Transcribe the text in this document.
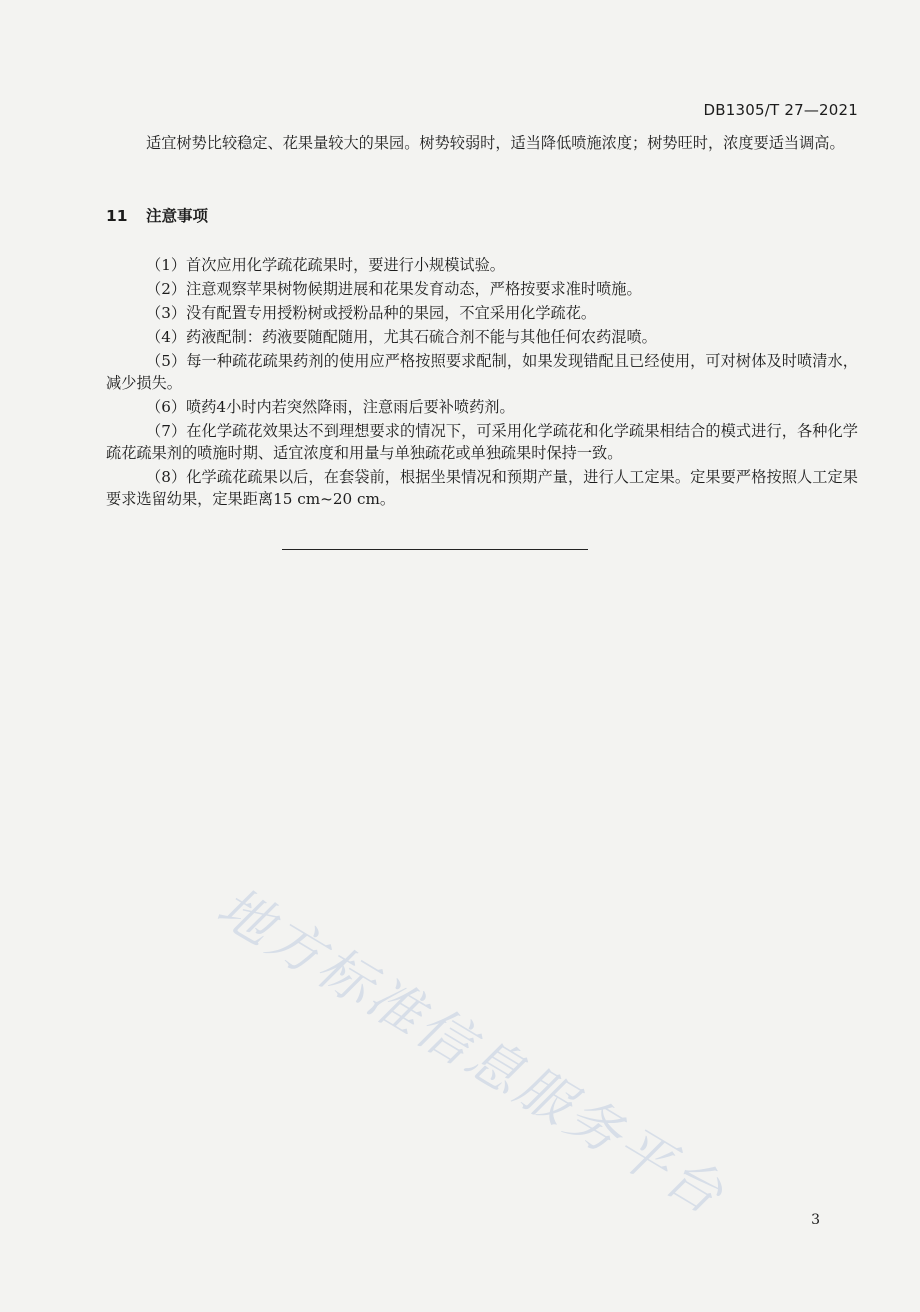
DB1305/T 27—2021

适宜树势比较稳定、花果量较大的果园。树势较弱时，适当降低喷施浓度；树势旺时，浓度要适当调高。

11 注意事项
（1）首次应用化学疏花疏果时，要进行小规模试验。
（2）注意观察苹果树物候期进展和花果发育动态，严格按要求准时喷施。
（3）没有配置专用授粉树或授粉品种的果园，不宜采用化学疏花。
（4）药液配制：药液要随配随用，尤其石硫合剂不能与其他任何农药混喷。
（5）每一种疏花疏果药剂的使用应严格按照要求配制，如果发现错配且已经使用，可对树体及时喷清水，减少损失。
（6）喷药4小时内若突然降雨，注意雨后要补喷药剂。
（7）在化学疏花效果达不到理想要求的情况下，可采用化学疏花和化学疏果相结合的模式进行，各种化学疏花疏果剂的喷施时期、适宜浓度和用量与单独疏花或单独疏果时保持一致。
（8）化学疏花疏果以后，在套袋前，根据坐果情况和预期产量，进行人工定果。定果要严格按照人工定果要求选留幼果，定果距离15 cm~20 cm。
地方标准信息服务平台	3
